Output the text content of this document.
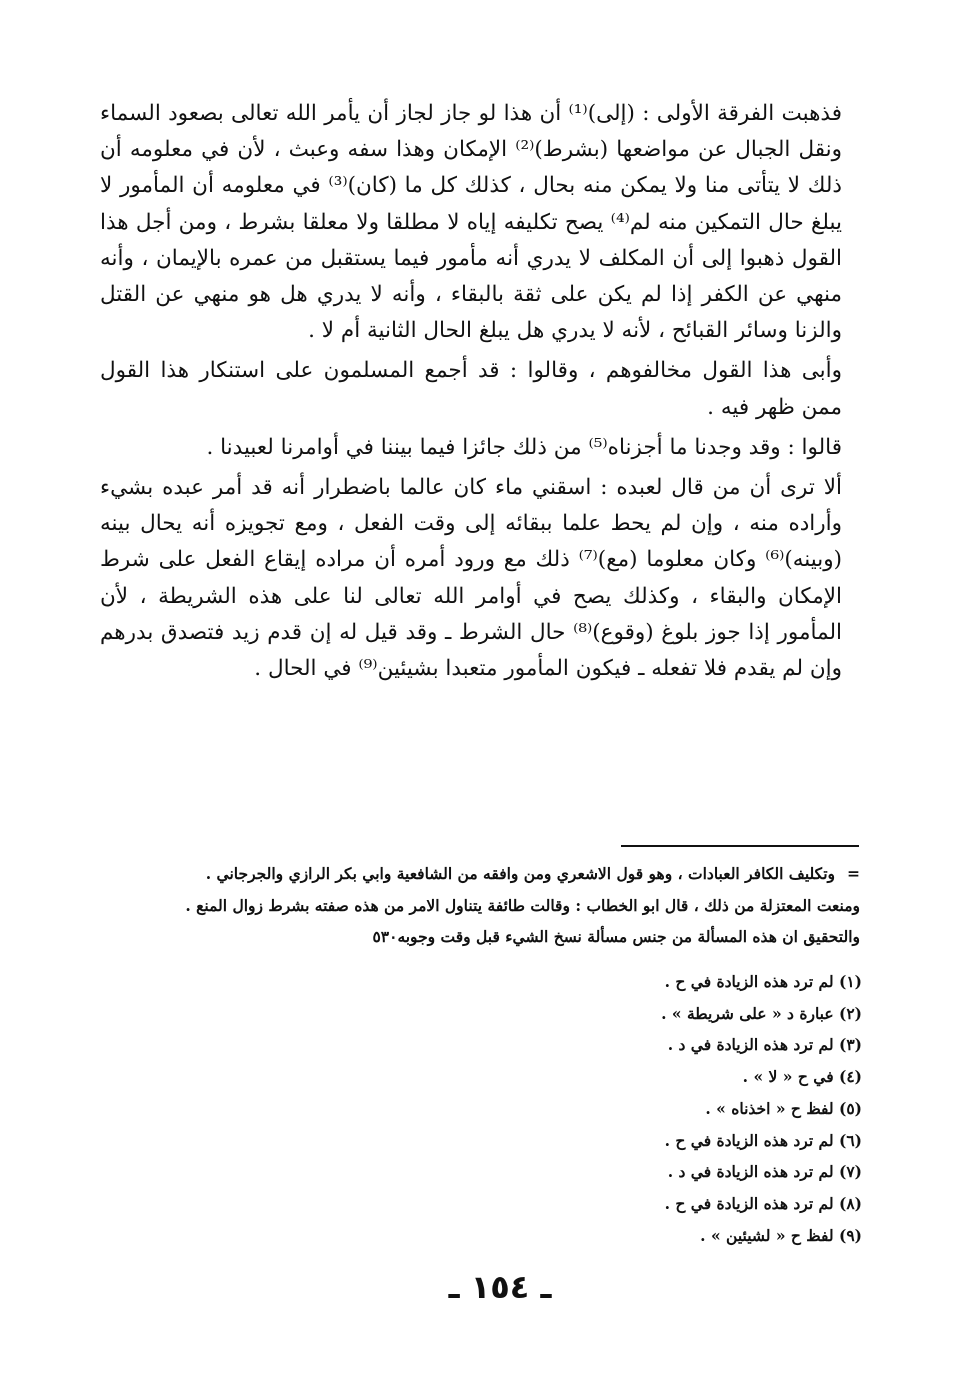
فذهبت الفرقة الأولى : (إلى)⁽¹⁾ أن هذا لو جاز لجاز أن يأمر الله تعالى بصعود السماء ونقل الجبال عن مواضعها (بشرط)⁽²⁾ الإمكان وهذا سفه وعبث ، لأن في معلومه أن ذلك لا يتأتى منا ولا يمكن منه بحال ، كذلك كل ما (كان)⁽³⁾ في معلومه أن المأمور لا يبلغ حال التمكين منه لم⁽⁴⁾ يصح تكليفه إياه لا مطلقا ولا معلقا بشرط ، ومن أجل هذا القول ذهبوا إلى أن المكلف لا يدري أنه مأمور فيما يستقبل من عمره بالإيمان ، وأنه منهي عن الكفر إذا لم يكن على ثقة بالبقاء ، وأنه لا يدري هل هو منهي عن القتل والزنا وسائر القبائح ، لأنه لا يدري هل يبلغ الحال الثانية أم لا .

وأبى هذا القول مخالفوهم ، وقالوا : قد أجمع المسلمون على استنكار هذا القول ممن ظهر فيه .

قالوا : وقد وجدنا ما أجزناه⁽⁵⁾ من ذلك جائزا فيما بيننا في أوامرنا لعبيدنا .

ألا ترى أن من قال لعبده : اسقني ماء كان عالما باضطرار أنه قد أمر عبده بشيء وأراده منه ، وإن لم يحط علما ببقائه إلى وقت الفعل ، ومع تجويزه أنه يحال بينه (وبينه)⁽⁶⁾ وكان معلوما (مع)⁽⁷⁾ ذلك مع ورود أمره أن مراده إيقاع الفعل على شرط الإمكان والبقاء ، وكذلك يصح في أوامر الله تعالى لنا على هذه الشريطة ، لأن المأمور إذا جوز بلوغ (وقوع)⁽⁸⁾ حال الشرط ـ وقد قيل له إن قدم زيد فتصدق بدرهم وإن لم يقدم فلا تفعله ـ فيكون المأمور متعبدا بشيئين⁽⁹⁾ في الحال .

=وتكليف الكافر العبادات ، وهو قول الاشعري ومن وافقه من الشافعية وابي بكر الرازي والجرجاني .
ومنعت المعتزلة من ذلك ، قال ابو الخطاب : وقالت طائفة يتناول الامر من هذه صفته بشرط زوال المنع .
والتحقيق ان هذه المسألة من جنس مسألة نسخ الشيء قبل وقت وجوبه٥٣٠
(١) لم ترد هذه الزيادة في ح .
(٢) عبارة د « على شريطة » .
(٣) لم ترد هذه الزيادة في د .
(٤) في ح « لا » .
(٥) لفظ ح « اخذناه » .
(٦) لم ترد هذه الزيادة في ح .
(٧) لم ترد هذه الزيادة في د .
(٨) لم ترد هذه الزيادة في ح .
(٩) لفظ ح « لشيئين » .
ـ ١٥٤ ـ
